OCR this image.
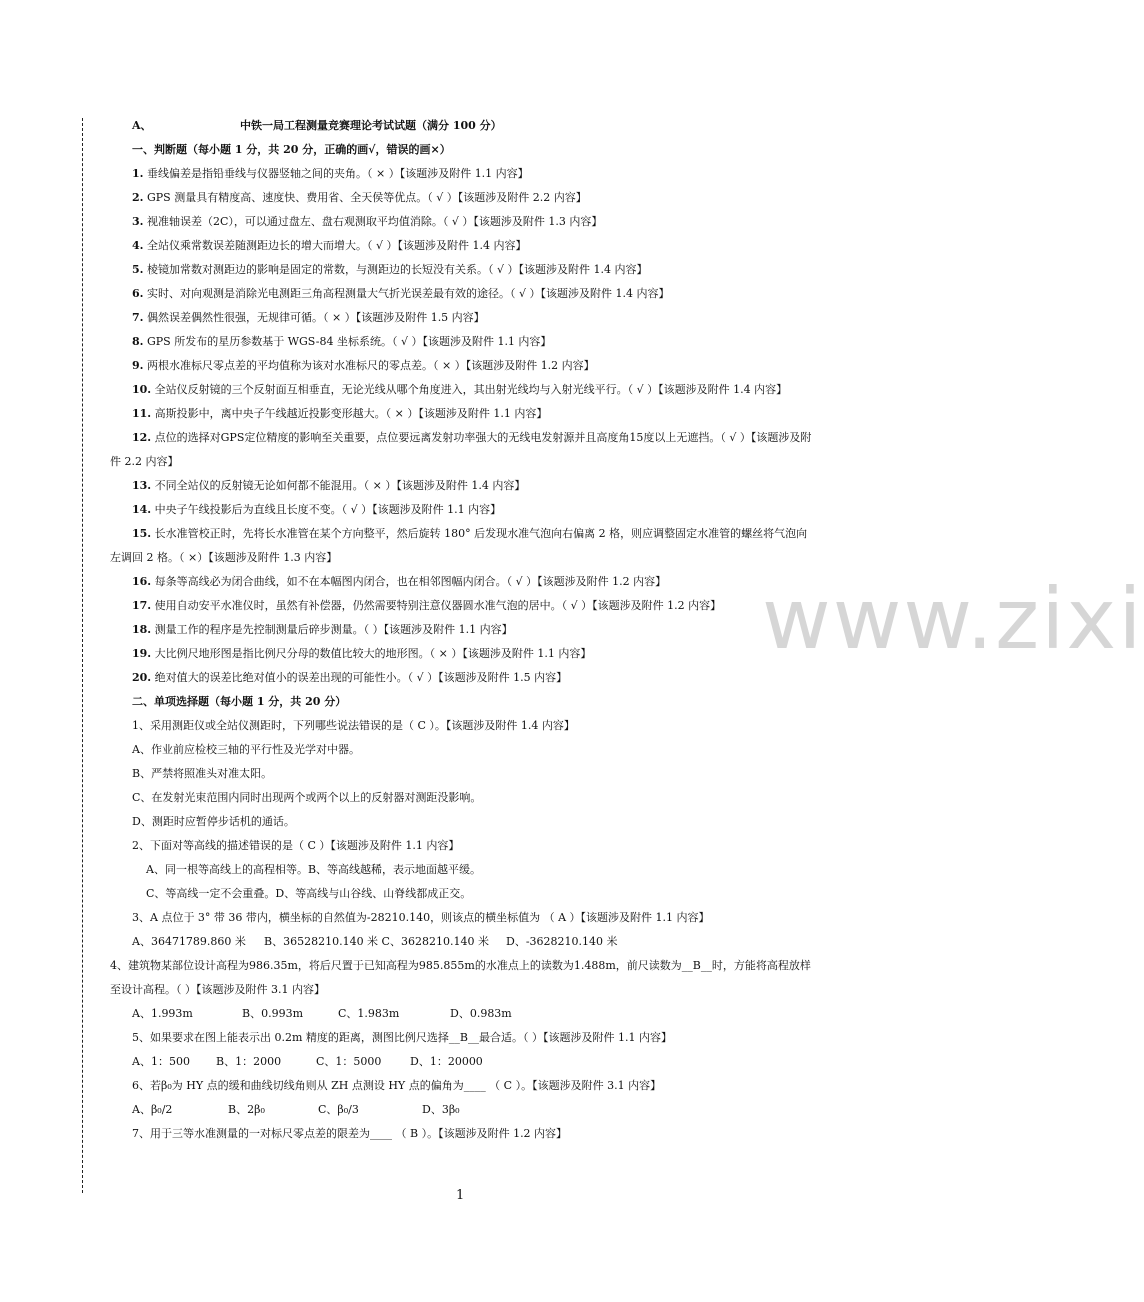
www.zixi
A、	中铁一局工程测量竞赛理论考试试题（满分 100 分）
一、判断题（每小题 1 分，共 20 分，正确的画√，错误的画×）
1. 垂线偏差是指铅垂线与仪器竖轴之间的夹角。（ × ）【该题涉及附件 1.1 内容】
2. GPS 测量具有精度高、速度快、费用省、全天侯等优点。（ √ ）【该题涉及附件 2.2 内容】
3. 视准轴误差（2C），可以通过盘左、盘右观测取平均值消除。（ √ ）【该题涉及附件 1.3 内容】
4. 全站仪乘常数误差随测距边长的增大而增大。（ √ ）【该题涉及附件 1.4 内容】
5. 棱镜加常数对测距边的影响是固定的常数，与测距边的长短没有关系。（ √ ）【该题涉及附件 1.4 内容】
6. 实时、对向观测是消除光电测距三角高程测量大气折光误差最有效的途径。（ √ ）【该题涉及附件 1.4 内容】
7. 偶然误差偶然性很强，无规律可循。（ × ）【该题涉及附件 1.5 内容】
8. GPS 所发布的星历参数基于 WGS-84 坐标系统。（ √ ）【该题涉及附件 1.1 内容】
9. 两根水准标尺零点差的平均值称为该对水准标尺的零点差。（ × ）【该题涉及附件 1.2 内容】
10. 全站仪反射镜的三个反射面互相垂直，无论光线从哪个角度进入，其出射光线均与入射光线平行。（ √ ）【该题涉及附件 1.4 内容】
11. 高斯投影中，离中央子午线越近投影变形越大。（ × ）【该题涉及附件 1.1 内容】
12. 点位的选择对GPS定位精度的影响至关重要，点位要远离发射功率强大的无线电发射源并且高度角15度以上无遮挡。（ √ ）【该题涉及附件 2.2 内容】
13. 不同全站仪的反射镜无论如何都不能混用。（ × ）【该题涉及附件 1.4 内容】
14. 中央子午线投影后为直线且长度不变。（ √ ）【该题涉及附件 1.1 内容】
15. 长水准管校正时，先将长水准管在某个方向整平，然后旋转 180° 后发现水准气泡向右偏离 2 格，则应调整固定水准管的螺丝将气泡向左调回 2 格。（ ×）【该题涉及附件 1.3 内容】
16. 每条等高线必为闭合曲线，如不在本幅图内闭合，也在相邻图幅内闭合。（ √ ）【该题涉及附件 1.2 内容】
17. 使用自动安平水准仪时，虽然有补偿器，仍然需要特别注意仪器圆水准气泡的居中。（ √ ）【该题涉及附件 1.2 内容】
18. 测量工作的程序是先控制测量后碎步测量。（ ）【该题涉及附件 1.1 内容】
19. 大比例尺地形图是指比例尺分母的数值比较大的地形图。（ × ）【该题涉及附件 1.1 内容】
20. 绝对值大的误差比绝对值小的误差出现的可能性小。（ √ ）【该题涉及附件 1.5 内容】
二、单项选择题（每小题 1 分，共 20 分）
1、采用测距仪或全站仪测距时，下列哪些说法错误的是（ C ）。【该题涉及附件 1.4 内容】
A、作业前应检校三轴的平行性及光学对中器。
B、严禁将照准头对准太阳。
C、在发射光束范围内同时出现两个或两个以上的反射器对测距没影响。
D、测距时应暂停步话机的通话。
2、下面对等高线的描述错误的是（ C ）【该题涉及附件 1.1 内容】
A、同一根等高线上的高程相等。B、等高线越稀，表示地面越平缓。
C、等高线一定不会重叠。D、等高线与山谷线、山脊线都成正交。
3、A 点位于 3° 带 36 带内，横坐标的自然值为-28210.140，则该点的横坐标值为 （ A ）【该题涉及附件 1.1 内容】
A、36471789.860 米 B、36528210.140 米 C、3628210.140 米 D、-3628210.140 米
4、建筑物某部位设计高程为986.35m，将后尺置于已知高程为985.855m的水准点上的读数为1.488m，前尺读数为__B__时，方能将高程放样至设计高程。（ ）【该题涉及附件 3.1 内容】
A、1.993m	B、0.993m	C、1.983m	D、0.983m
5、如果要求在图上能表示出 0.2m 精度的距离，测图比例尺选择__B__最合适。（ ）【该题涉及附件 1.1 内容】
A、1：500 B、1：2000	C、1：5000	D、1：20000
6、若β₀为 HY 点的缓和曲线切线角则从 ZH 点测设 HY 点的偏角为____ （ C ）。【该题涉及附件 3.1 内容】
A、β₀/2	B、2β₀	C、β₀/3	D、3β₀
7、用于三等水准测量的一对标尺零点差的限差为____ （ B ）。【该题涉及附件 1.2 内容】
1
